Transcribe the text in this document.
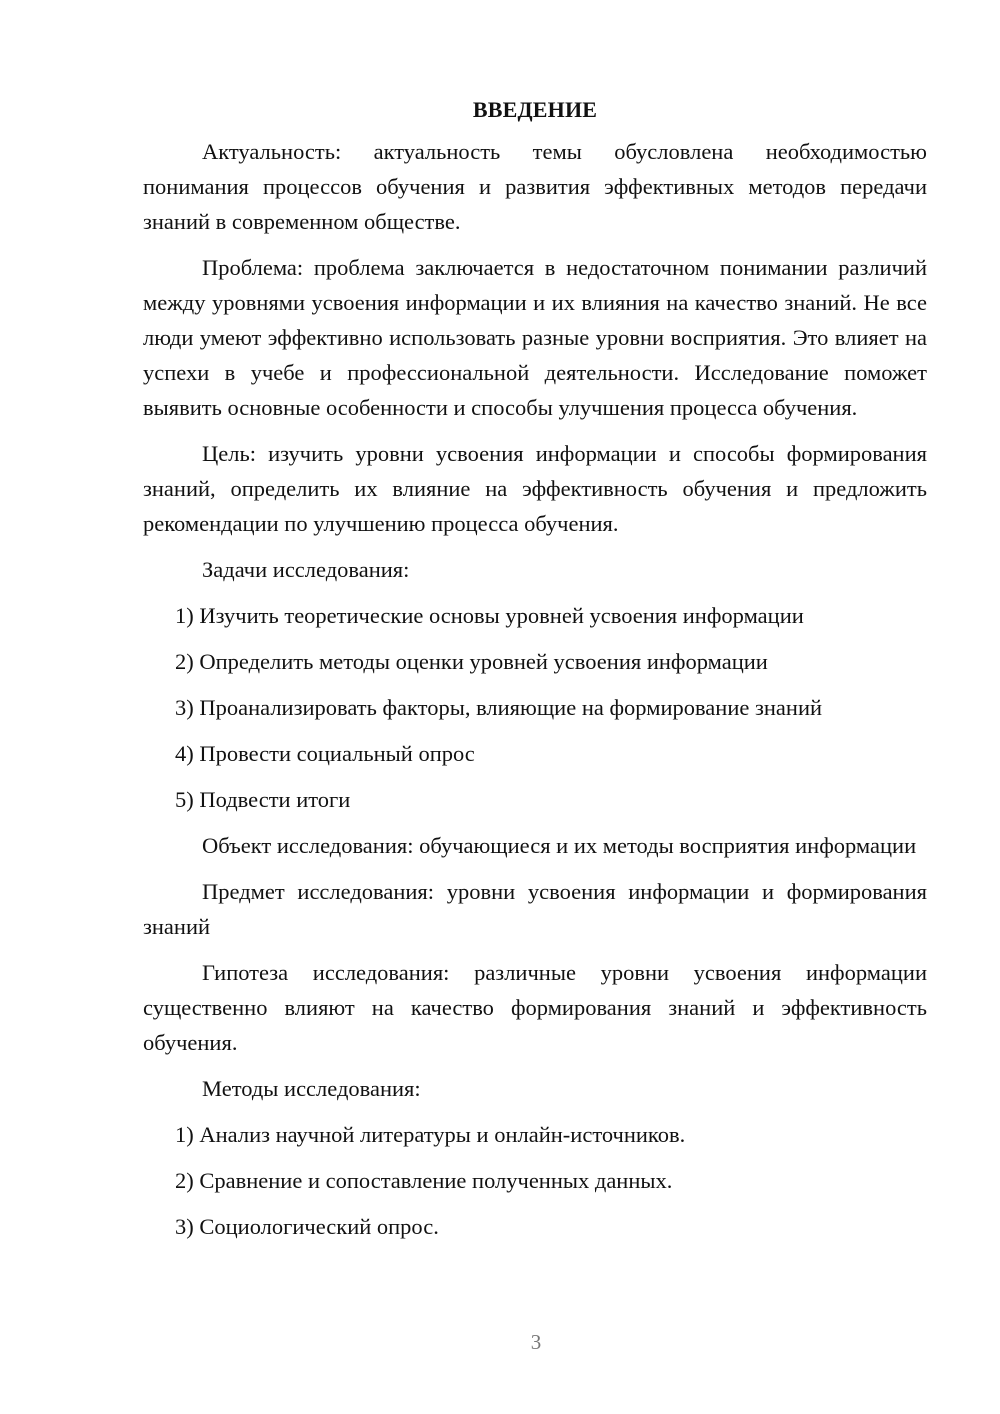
ВВЕДЕНИЕ

Актуальность: актуальность темы обусловлена необходимостью понимания процессов обучения и развития эффективных методов передачи знаний в современном обществе.

Проблема: проблема заключается в недостаточном понимании различий между уровнями усвоения информации и их влияния на качество знаний. Не все люди умеют эффективно использовать разные уровни восприятия. Это влияет на успехи в учебе и профессиональной деятельности. Исследование поможет выявить основные особенности и способы улучшения процесса обучения.

Цель: изучить уровни усвоения информации и способы формирования знаний, определить их влияние на эффективность обучения и предложить рекомендации по улучшению процесса обучения.

Задачи исследования:

1) Изучить теоретические основы уровней усвоения информации
2) Определить методы оценки уровней усвоения информации
3) Проанализировать факторы, влияющие на формирование знаний
4) Провести социальный опрос
5) Подвести итоги

Объект исследования: обучающиеся и их методы восприятия информации

Предмет исследования: уровни усвоения информации и формирования знаний

Гипотеза исследования: различные уровни усвоения информации существенно влияют на качество формирования знаний и эффективность обучения.

Методы исследования:

1) Анализ научной литературы и онлайн-источников.
2) Сравнение и сопоставление полученных данных.
3) Социологический опрос.
3
